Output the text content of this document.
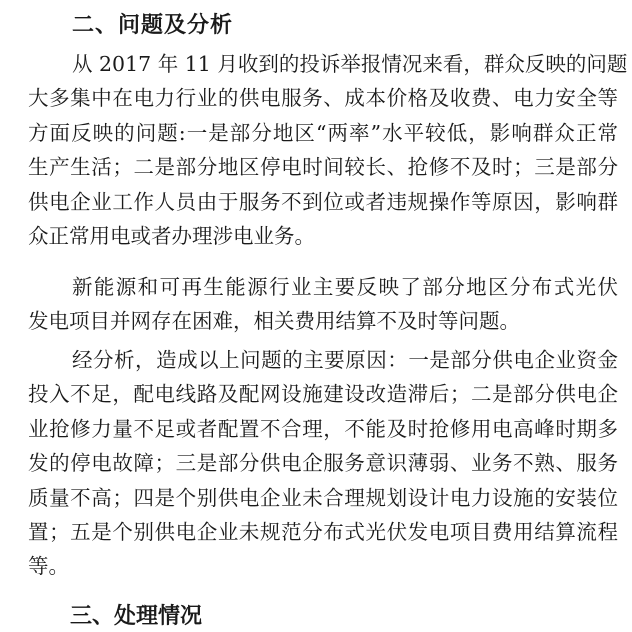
二、问题及分析
从 2017 年 11 月收到的投诉举报情况来看，群众反映的问题
大多集中在电力行业的供电服务、成本价格及收费、电力安全等
方面反映的问题:一是部分地区“两率”水平较低，影响群众正常
生产生活；二是部分地区停电时间较长、抢修不及时；三是部分
供电企业工作人员由于服务不到位或者违规操作等原因，影响群
众正常用电或者办理涉电业务。
新能源和可再生能源行业主要反映了部分地区分布式光伏
发电项目并网存在困难，相关费用结算不及时等问题。
经分析，造成以上问题的主要原因：一是部分供电企业资金
投入不足，配电线路及配网设施建设改造滞后；二是部分供电企
业抢修力量不足或者配置不合理，不能及时抢修用电高峰时期多
发的停电故障；三是部分供电企服务意识薄弱、业务不熟、服务
质量不高；四是个别供电企业未合理规划设计电力设施的安装位
置；五是个别供电企业未规范分布式光伏发电项目费用结算流程
等。
三、处理情况
